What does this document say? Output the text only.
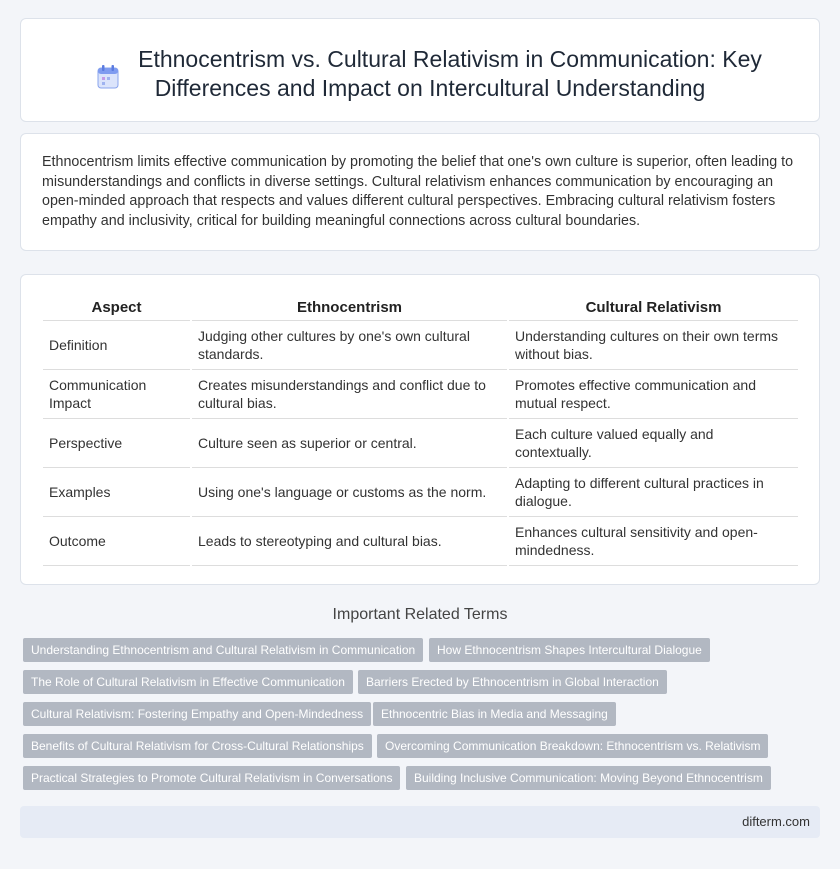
Ethnocentrism vs. Cultural Relativism in Communication: Key Differences and Impact on Intercultural Understanding

Ethnocentrism limits effective communication by promoting the belief that one's own culture is superior, often leading to misunderstandings and conflicts in diverse settings. Cultural relativism enhances communication by encouraging an open-minded approach that respects and values different cultural perspectives. Embracing cultural relativism fosters empathy and inclusivity, critical for building meaningful connections across cultural boundaries.

Aspect	Ethnocentrism	Cultural Relativism
Definition	Judging other cultures by one's own cultural standards.	Understanding cultures on their own terms without bias.
Communication Impact	Creates misunderstandings and conflict due to cultural bias.	Promotes effective communication and mutual respect.
Perspective	Culture seen as superior or central.	Each culture valued equally and contextually.
Examples	Using one's language or customs as the norm.	Adapting to different cultural practices in dialogue.
Outcome	Leads to stereotyping and cultural bias.	Enhances cultural sensitivity and open-mindedness.
Important Related Terms
Understanding Ethnocentrism and Cultural Relativism in Communication	How Ethnocentrism Shapes Intercultural Dialogue
The Role of Cultural Relativism in Effective Communication	Barriers Erected by Ethnocentrism in Global Interaction
Cultural Relativism: Fostering Empathy and Open-Mindedness	Ethnocentric Bias in Media and Messaging
Benefits of Cultural Relativism for Cross-Cultural Relationships	Overcoming Communication Breakdown: Ethnocentrism vs. Relativism
Practical Strategies to Promote Cultural Relativism in Conversations	Building Inclusive Communication: Moving Beyond Ethnocentrism
difterm.com
